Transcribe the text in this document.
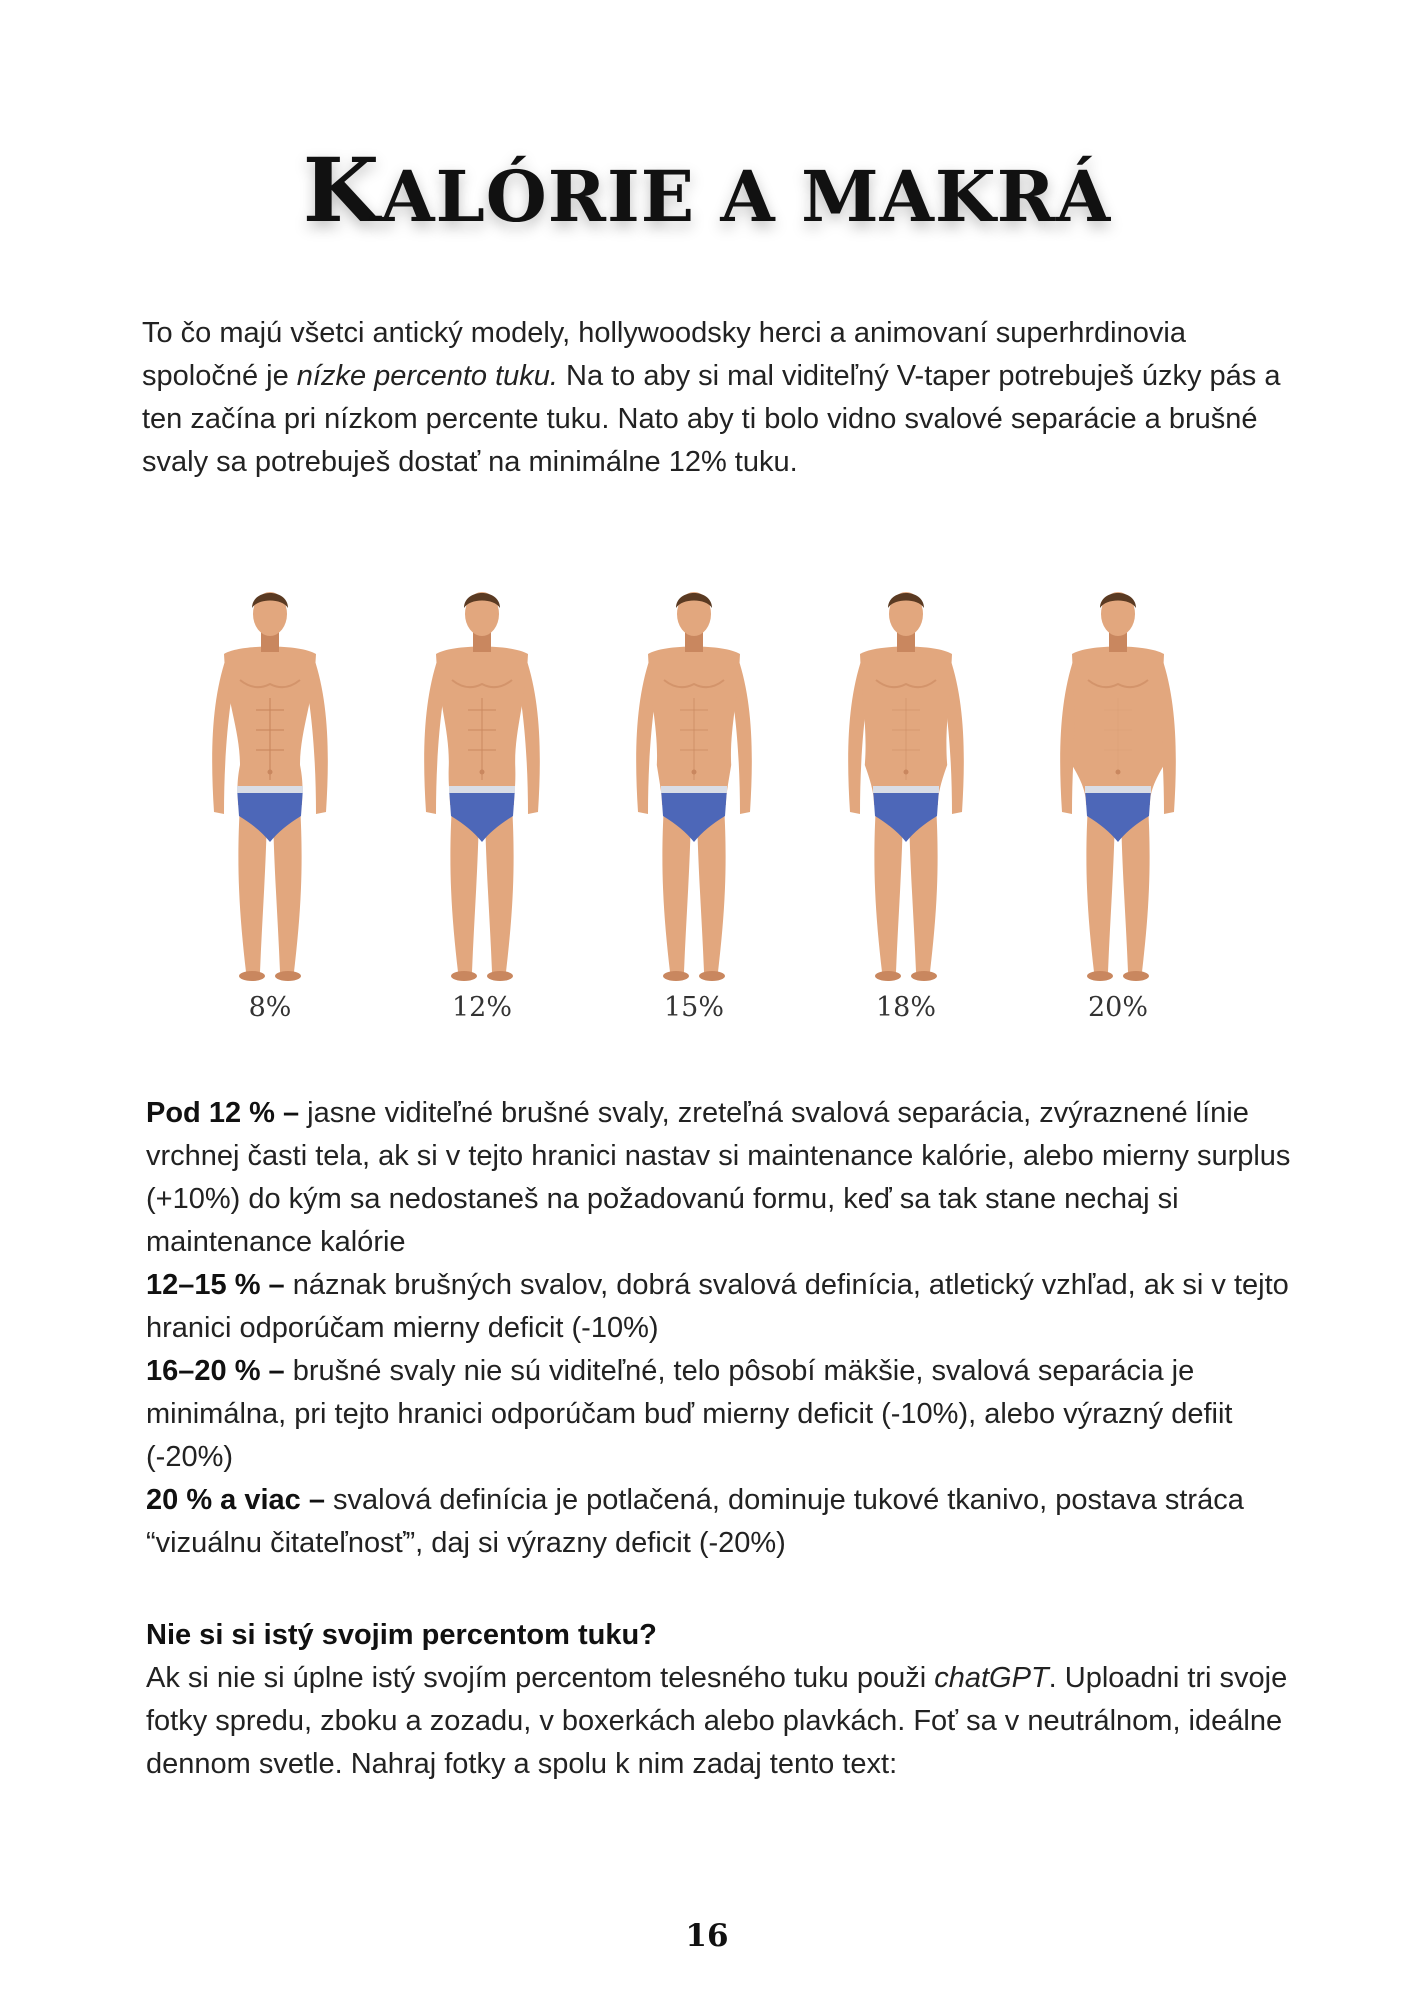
KALÓRIE A MAKRÁ

To čo majú všetci antický modely, hollywoodsky herci a animovaní superhrdinovia spoločné je nízke percento tuku. Na to aby si mal viditeľný V-taper potrebuješ úzky pás a ten začína pri nízkom percente tuku. Nato aby ti bolo vidno svalové separácie a brušné svaly sa potrebuješ dostať na minimálne 12% tuku.

8%	12%	15%	18%	20%

Pod 12 % – jasne viditeľné brušné svaly, zreteľná svalová separácia, zvýraznené línie vrchnej časti tela, ak si v tejto hranici nastav si maintenance kalórie, alebo mierny surplus (+10%) do kým sa nedostaneš na požadovanú formu, keď sa tak stane nechaj si maintenance kalórie

12–15 % – náznak brušných svalov, dobrá svalová definícia, atletický vzhľad, ak si v tejto hranici odporúčam mierny deficit (-10%)

16–20 % – brušné svaly nie sú viditeľné, telo pôsobí mäkšie, svalová separácia je minimálna, pri tejto hranici odporúčam buď mierny deficit (-10%), alebo výrazný defiit (-20%)

20 % a viac – svalová definícia je potlačená, dominuje tukové tkanivo, postava stráca “vizuálnu čitateľnosť”, daj si výrazny deficit (-20%)

Nie si si istý svojim percentom tuku?

Ak si nie si úplne istý svojím percentom telesného tuku použi chatGPT. Uploadni tri svoje fotky spredu, zboku a zozadu, v boxerkách alebo plavkách. Foť sa v neutrálnom, ideálne dennom svetle. Nahraj fotky a spolu k nim zadaj tento text:

16
